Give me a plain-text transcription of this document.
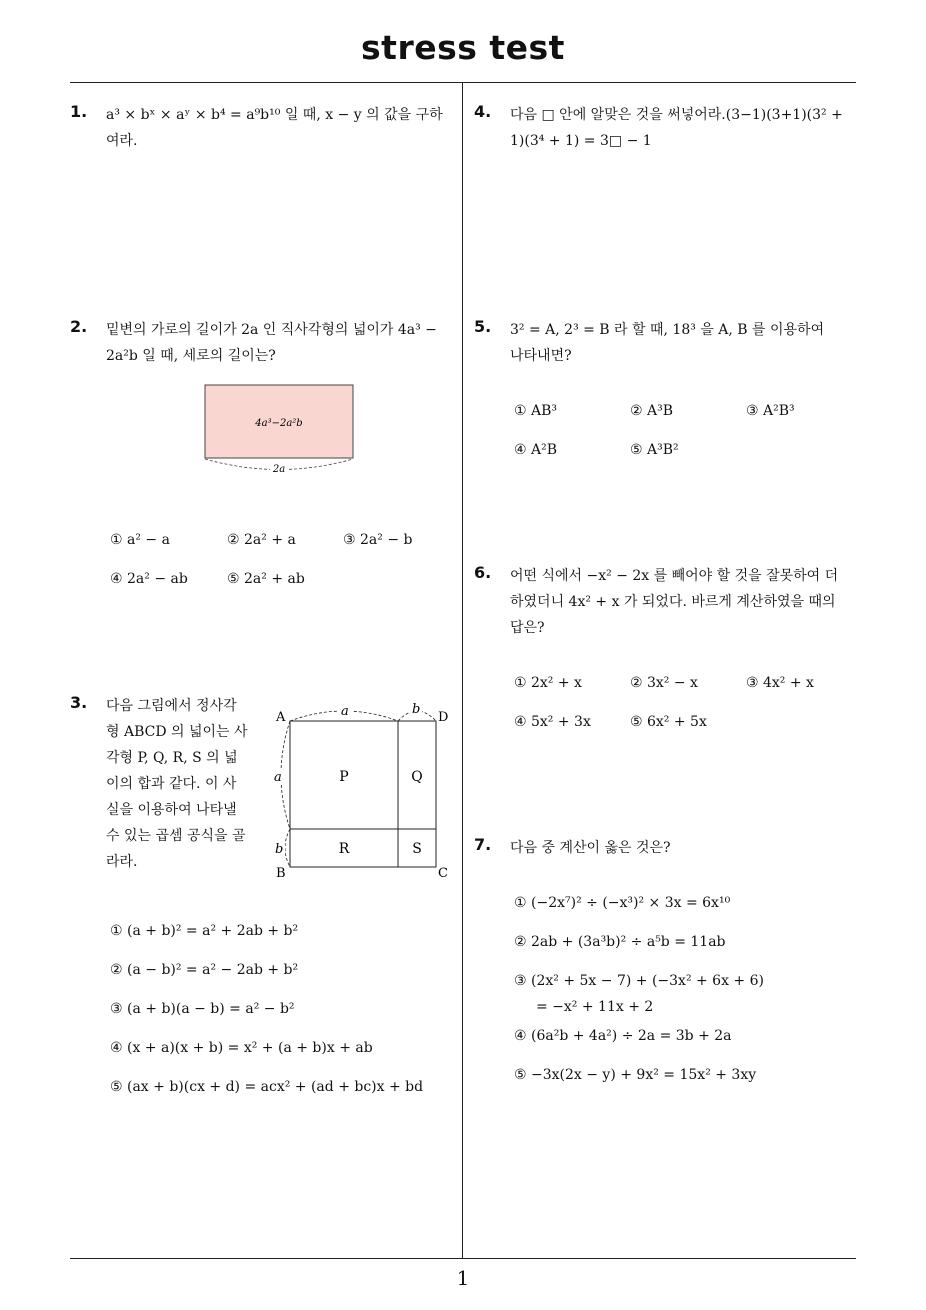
stress test
1
1. a³ × bˣ × aʸ × b⁴ = a⁹b¹⁰ 일 때, x − y 의 값을 구하
여라.
2. 밑변의 가로의 길이가 2a 인 직사각형의 넓이가 4a³ −
2a²b 일 때, 세로의 길이는?
4a³−2a²b
2a
① a² − a	② 2a² + a	③ 2a² − b
④ 2a² − ab	⑤ 2a² + ab
3. 다음 그림에서 정사각
형 ABCD 의 넓이는 사
각형 P, Q, R, S 의 넓
이의 합과 같다. 이 사
실을 이용하여 나타낼
수 있는 곱셈 공식을 골
라라.
A	D
B	C
a	b
a
b
P	Q
R	S
① (a + b)² = a² + 2ab + b²
② (a − b)² = a² − 2ab + b²
③ (a + b)(a − b) = a² − b²
④ (x + a)(x + b) = x² + (a + b)x + ab
⑤ (ax + b)(cx + d) = acx² + (ad + bc)x + bd
4. 다음 □ 안에 알맞은 것을 써넣어라.(3−1)(3+1)(3² +
1)(3⁴ + 1) = 3□ − 1
5. 3² = A, 2³ = B 라 할 때, 18³ 을 A, B 를 이용하여
나타내면?
① AB³	② A³B	③ A²B³
④ A²B	⑤ A³B²
6. 어떤 식에서 −x² − 2x 를 빼어야 할 것을 잘못하여 더
하였더니 4x² + x 가 되었다. 바르게 계산하였을 때의
답은?
① 2x² + x	② 3x² − x	③ 4x² + x
④ 5x² + 3x	⑤ 6x² + 5x
7. 다음 중 계산이 옳은 것은?
① (−2x⁷)² ÷ (−x³)² × 3x = 6x¹⁰
② 2ab + (3a³b)² ÷ a⁵b = 11ab
③ (2x² + 5x − 7) + (−3x² + 6x + 6)
= −x² + 11x + 2
④ (6a²b + 4a²) ÷ 2a = 3b + 2a
⑤ −3x(2x − y) + 9x² = 15x² + 3xy
